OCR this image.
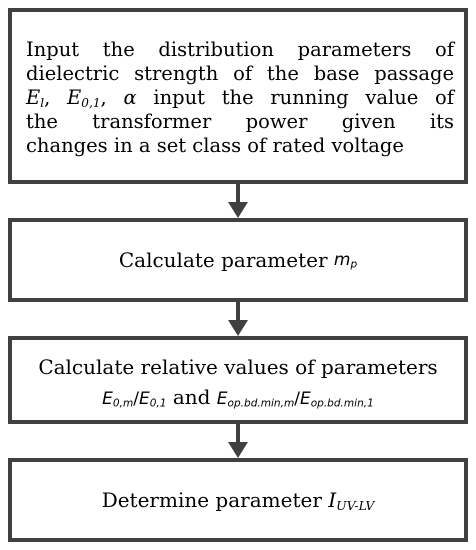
Input the distribution parameters of
dielectric strength of the base passage
$E_l$, $E_{0,1}$, α input the running value of
the transformer power given its
changes in a set class of rated voltage
Calculate parameter
$m_p$
Calculate relative values of parameters
$E_{0,m}/E_{0,1}$ and $E_{op.bd.min,m}/E_{op.bd.min,1}$
Determine parameter
$I_{UV-LV}$
